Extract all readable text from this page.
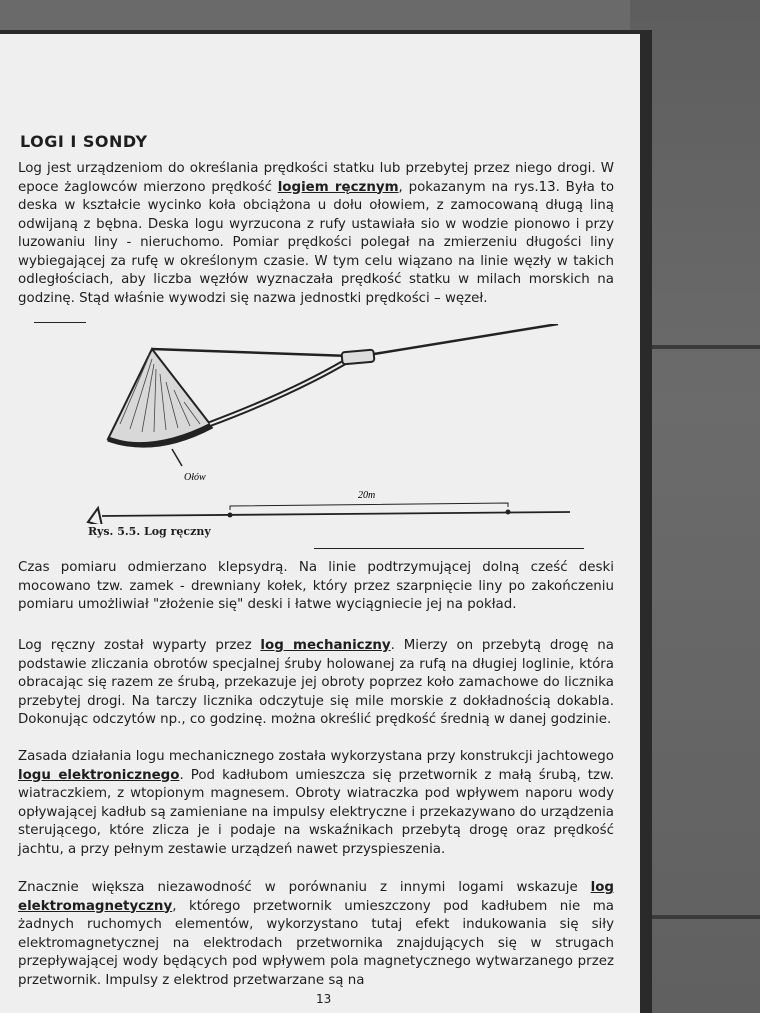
LOGI I SONDY

Log jest urządzeniom do określania prędkości statku lub przebytej przez niego drogi. W epoce żaglowców mierzono prędkość logiem ręcznym, pokazanym na rys.13. Była to deska w kształcie wycinko koła obciążona u dołu ołowiem, z zamocowaną długą liną odwijaną z bębna. Deska logu wyrzucona z rufy ustawiała sio w wodzie pionowo i przy luzowaniu liny - nieruchomo. Pomiar prędkości polegał na zmierzeniu długości liny wybiegającej za rufę w określonym czasie. W tym celu wiązano na linie węzły w takich odległościach, aby liczba węzłów wyznaczała prędkość statku w milach morskich na godzinę. Stąd właśnie wywodzi się nazwa jednostki prędkości – węzeł.

Ołów
20m
Rys. 5.5. Log ręczny

Czas pomiaru odmierzano klepsydrą. Na linie podtrzymującej dolną cześć deski mocowano tzw. zamek - drewniany kołek, który przez szarpnięcie liny po zakończeniu pomiaru umożliwiał "złożenie się" deski i łatwe wyciągniecie jej na pokład.

Log ręczny został wyparty przez log mechaniczny. Mierzy on przebytą drogę na podstawie zliczania obrotów specjalnej śruby holowanej za rufą na długiej loglinie, która obracając się razem ze śrubą, przekazuje jej obroty poprzez koło zamachowe do licznika przebytej drogi. Na tarczy licznika odczytuje się mile morskie z dokładnością dokabla. Dokonując odczytów np., co godzinę. można określić prędkość średnią w danej godzinie.

Zasada działania logu mechanicznego została wykorzystana przy konstrukcji jachtowego logu elektronicznego. Pod kadłubom umieszcza się przetwornik z małą śrubą, tzw. wiatraczkiem, z wtopionym magnesem. Obroty wiatraczka pod wpływem naporu wody opływającej kadłub są zamieniane na impulsy elektryczne i przekazywano do urządzenia sterującego, które zlicza je i podaje na wskaźnikach przebytą drogę oraz prędkość jachtu, a przy pełnym zestawie urządzeń nawet przyspieszenia.

Znacznie większa niezawodność w porównaniu z innymi logami wskazuje log elektromagnetyczny, którego przetwornik umieszczony pod kadłubem nie ma żadnych ruchomych elementów, wykorzystano tutaj efekt indukowania się siły elektromagnetycznej na elektrodach przetwornika znajdujących się w strugach przepływającej wody będących pod wpływem pola magnetycznego wytwarzanego przez przetwornik. Impulsy z elektrod przetwarzane są na

13
